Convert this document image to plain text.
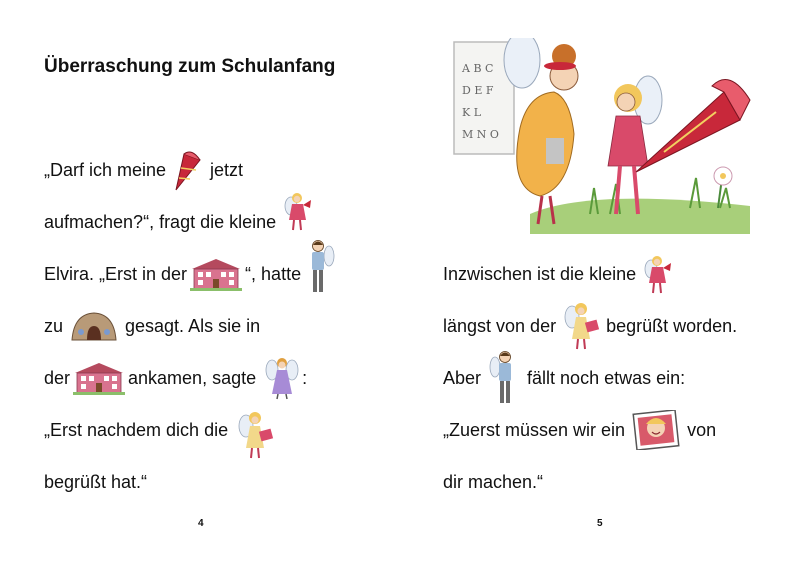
Überraschung zum Schulanfang
„Darf ich meine jetzt
aufmachen?“, fragt die kleine
Elvira. „Erst in der	“, hatte
zu	gesagt. Als sie in
der	ankamen, sagte	:
„Erst nachdem dich die
begrüßt hat.“
4
A B C
D E F
K L
M N O
Inzwischen ist die kleine
längst von der	begrüßt worden.
Aber	fällt noch etwas ein:
„Zuerst müssen wir ein	von
dir machen.“
5
